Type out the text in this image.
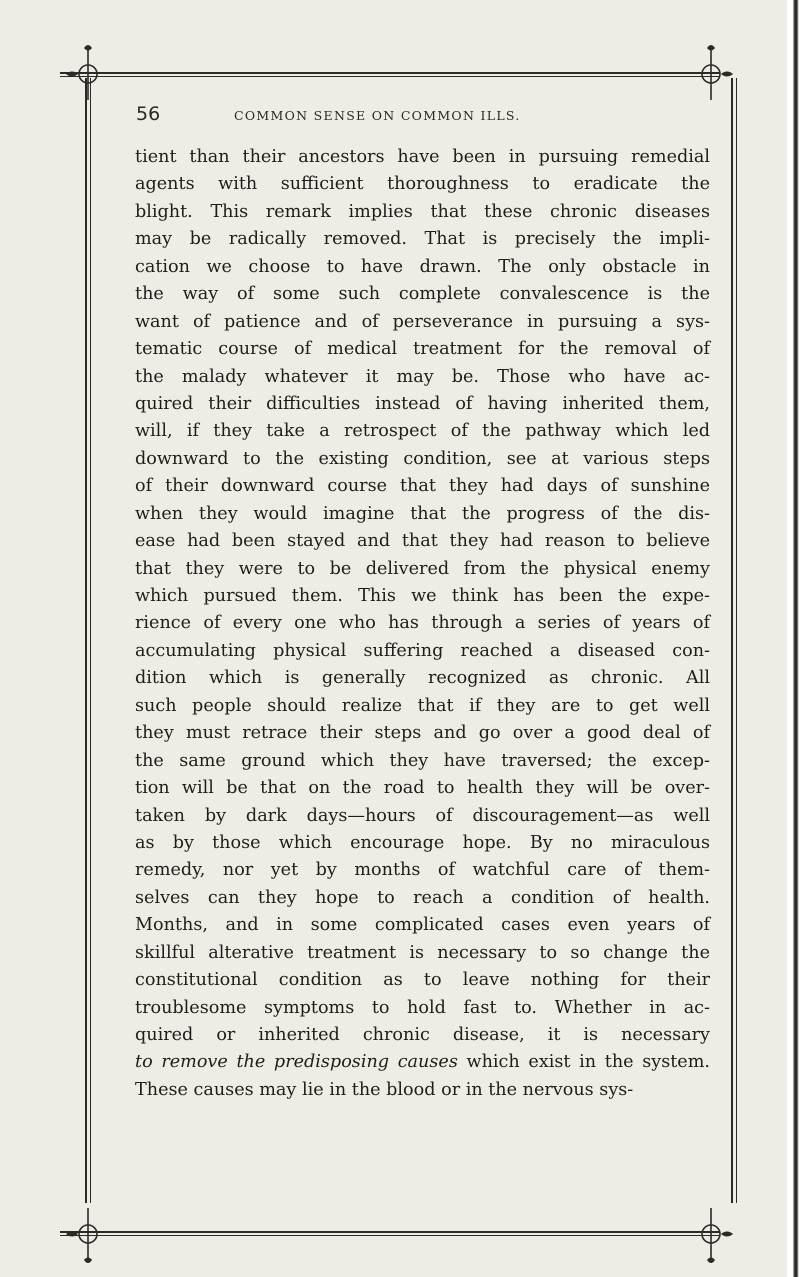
56	COMMON SENSE ON COMMON ILLS.
tient than their ancestors have been in pursuing remedial
agents with sufficient thoroughness to eradicate the
blight. This remark implies that these chronic diseases
may be radically removed. That is precisely the impli-
cation we choose to have drawn. The only obstacle in
the way of some such complete convalescence is the
want of patience and of perseverance in pursuing a sys-
tematic course of medical treatment for the removal of
the malady whatever it may be. Those who have ac-
quired their difficulties instead of having inherited them,
will, if they take a retrospect of the pathway which led
downward to the existing condition, see at various steps
of their downward course that they had days of sunshine
when they would imagine that the progress of the dis-
ease had been stayed and that they had reason to believe
that they were to be delivered from the physical enemy
which pursued them. This we think has been the expe-
rience of every one who has through a series of years of
accumulating physical suffering reached a diseased con-
dition which is generally recognized as chronic. All
such people should realize that if they are to get well
they must retrace their steps and go over a good deal of
the same ground which they have traversed; the excep-
tion will be that on the road to health they will be over-
taken by dark days—hours of discouragement—as well
as by those which encourage hope. By no miraculous
remedy, nor yet by months of watchful care of them-
selves can they hope to reach a condition of health.
Months, and in some complicated cases even years of
skillful alterative treatment is necessary to so change the
constitutional condition as to leave nothing for their
troublesome symptoms to hold fast to. Whether in ac-
quired or inherited chronic disease, it is necessary
to remove the predisposing causes which exist in the system.
These causes may lie in the blood or in the nervous sys-
